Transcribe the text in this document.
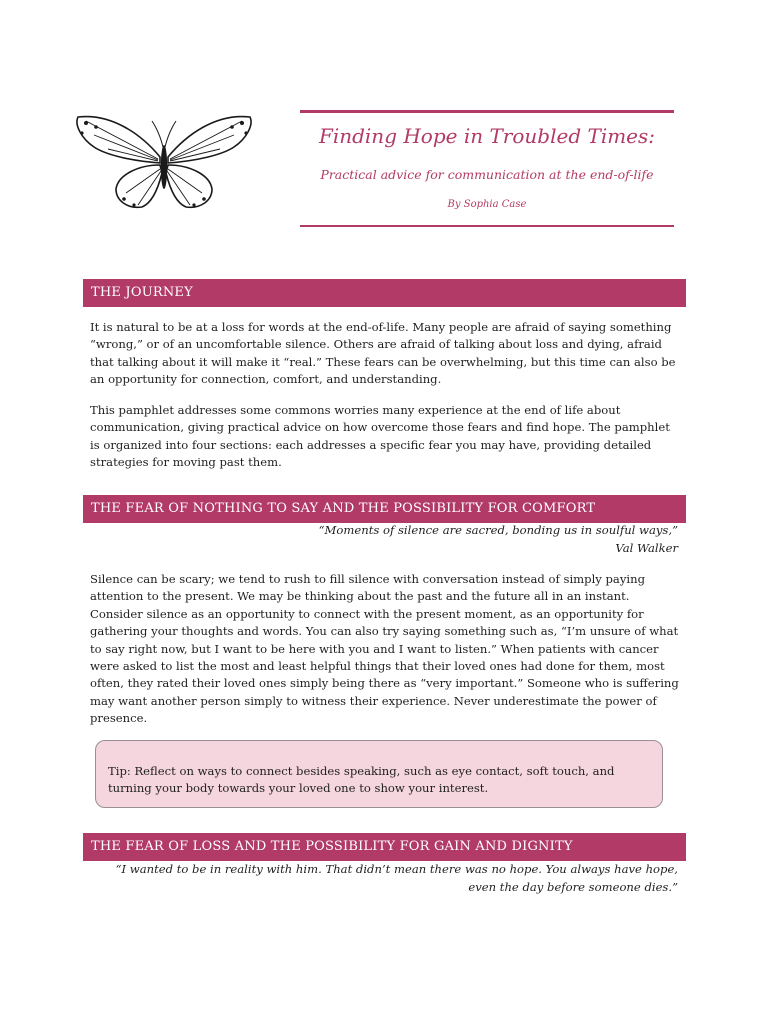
Finding Hope in Troubled Times:
Practical advice for communication at the end-of-life
By Sophia Case
THE JOURNEY

It is natural to be at a loss for words at the end-of-life. Many people are afraid of saying something “wrong,” or of an uncomfortable silence. Others are afraid of talking about loss and dying, afraid that talking about it will make it “real.” These fears can be overwhelming, but this time can also be an opportunity for connection, comfort, and understanding.

This pamphlet addresses some commons worries many experience at the end of life about communication, giving practical advice on how overcome those fears and find hope. The pamphlet is organized into four sections: each addresses a specific fear you may have, providing detailed strategies for moving past them.

THE FEAR OF NOTHING TO SAY AND THE POSSIBILITY FOR COMFORT
“Moments of silence are sacred, bonding us in soulful ways,”
Val Walker

Silence can be scary; we tend to rush to fill silence with conversation instead of simply paying attention to the present. We may be thinking about the past and the future all in an instant. Consider silence as an opportunity to connect with the present moment, as an opportunity for gathering your thoughts and words. You can also try saying something such as, “I’m unsure of what to say right now, but I want to be here with you and I want to listen.” When patients with cancer were asked to list the most and least helpful things that their loved ones had done for them, most often, they rated their loved ones simply being there as “very important.” Someone who is suffering may want another person simply to witness their experience. Never underestimate the power of presence.

Tip: Reflect on ways to connect besides speaking, such as eye contact, soft touch, and turning your body towards your loved one to show your interest.
THE FEAR OF LOSS AND THE POSSIBILITY FOR GAIN AND DIGNITY
“I wanted to be in reality with him. That didn’t mean there was no hope. You always have hope,
even the day before someone dies.”
